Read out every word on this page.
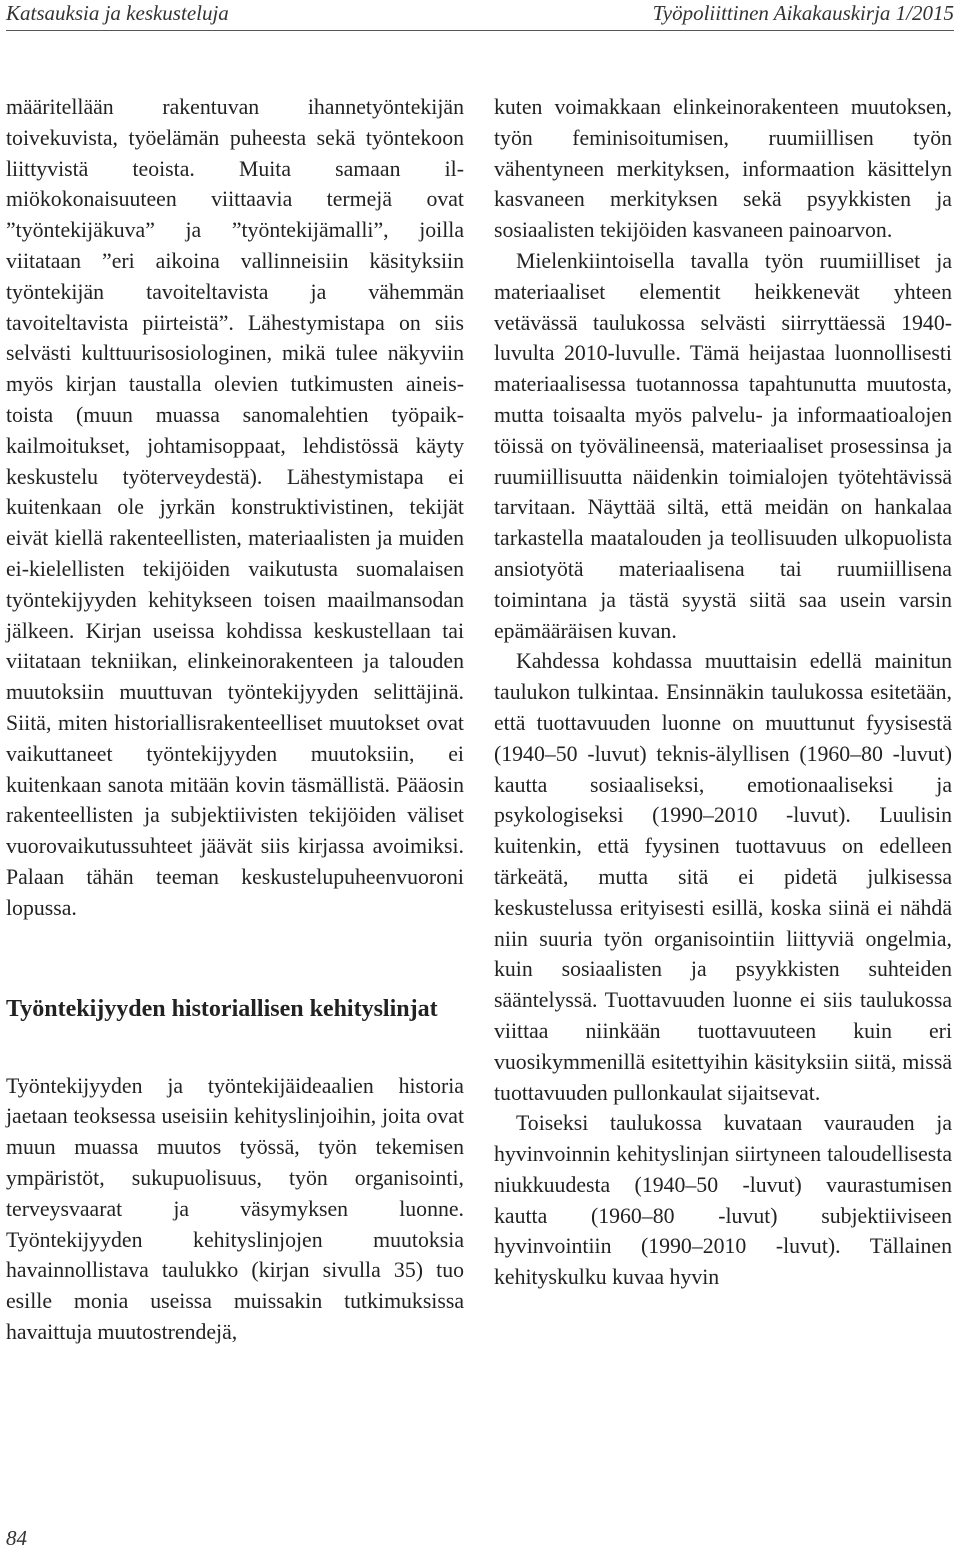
Katsauksia ja keskusteluja	Työpoliittinen Aikakauskirja 1/2015

määritellään rakentuvan ihannetyöntekijän toivekuvista, työelämän puheesta sekä työntekoon liittyvistä teoista. Muita samaan ilmiökokonaisuuteen viittaavia termejä ovat ”työntekijäkuva” ja ”työntekijämalli”, joilla viitataan ”eri aikoina vallinneisiin käsityksiin työntekijän tavoiteltavista ja vähemmän tavoiteltavista piirteistä”. Lähestymistapa on siis selvästi kulttuurisosiologinen, mikä tulee näkyviin myös kirjan taustalla olevien tutkimusten aineistoista (muun muassa sanomalehtien työpaikkailmoitukset, johtamisoppaat, lehdistössä käyty keskustelu työterveydestä). Lähestymistapa ei kuitenkaan ole jyrkän konstruktivistinen, tekijät eivät kiellä rakenteellisten, materiaalisten ja muiden ei-kielellisten tekijöiden vaikutusta suomalaisen työntekijyyden kehitykseen toisen maailmansodan jälkeen. Kirjan useissa kohdissa keskustellaan tai viitataan tekniikan, elinkeinorakenteen ja talouden muutoksiin muuttuvan työntekijyyden selittäjinä. Siitä, miten historiallisrakenteelliset muutokset ovat vaikuttaneet työntekijyyden muutoksiin, ei kuitenkaan sanota mitään kovin täsmällistä. Pääosin rakenteellisten ja subjektiivisten tekijöiden väliset vuorovaikutussuhteet jäävät siis kirjassa avoimiksi. Palaan tähän teeman keskustelupuheenvuoroni lopussa.

Työntekijyyden historiallisen kehityslinjat

Työntekijyyden ja työntekijäideaalien historia jaetaan teoksessa useisiin kehityslinjoihin, joita ovat muun muassa muutos työssä, työn tekemisen ympäristöt, sukupuolisuus, työn organisointi, terveysvaarat ja väsymyksen luonne. Työntekijyyden kehityslinjojen muutoksia havainnollistava taulukko (kirjan sivulla 35) tuo esille monia useissa muissakin tutkimuksissa havaittuja muutostrendejä,

kuten voimakkaan elinkeinorakenteen muutoksen, työn feminisoitumisen, ruumiillisen työn vähentyneen merkityksen, informaation käsittelyn kasvaneen merkityksen sekä psyykkisten ja sosiaalisten tekijöiden kasvaneen painoarvon.

Mielenkiintoisella tavalla työn ruumiilliset ja materiaaliset elementit heikkenevät yhteen vetävässä taulukossa selvästi siirryttäessä 1940-luvulta 2010-luvulle. Tämä heijastaa luonnollisesti materiaalisessa tuotannossa tapahtunutta muutosta, mutta toisaalta myös palvelu- ja informaatioalojen töissä on työvälineensä, materiaaliset prosessinsa ja ruumiillisuutta näidenkin toimialojen työtehtävissä tarvitaan. Näyttää siltä, että meidän on hankalaa tarkastella maatalouden ja teollisuuden ulkopuolista ansiotyötä materiaalisena tai ruumiillisena toimintana ja tästä syystä siitä saa usein varsin epämääräisen kuvan.

Kahdessa kohdassa muuttaisin edellä mainitun taulukon tulkintaa. Ensinnäkin taulukossa esitetään, että tuottavuuden luonne on muuttunut fyysisestä (1940–50 -luvut) teknis-älyllisen (1960–80 -luvut) kautta sosiaaliseksi, emotionaaliseksi ja psykologiseksi (1990–2010 -luvut). Luulisin kuitenkin, että fyysinen tuottavuus on edelleen tärkeätä, mutta sitä ei pidetä julkisessa keskustelussa erityisesti esillä, koska siinä ei nähdä niin suuria työn organisointiin liittyviä ongelmia, kuin sosiaalisten ja psyykkisten suhteiden sääntelyssä. Tuottavuuden luonne ei siis taulukossa viittaa niinkään tuottavuuteen kuin eri vuosikymmenillä esitettyihin käsityksiin siitä, missä tuottavuuden pullonkaulat sijaitsevat.

Toiseksi taulukossa kuvataan vaurauden ja hyvinvoinnin kehityslinjan siirtyneen taloudellisesta niukkuudesta (1940–50 -luvut) vaurastumisen kautta (1960–80 -luvut) subjektiiviseen hyvinvointiin (1990–2010 -luvut). Tällainen kehityskulku kuvaa hyvin

84
